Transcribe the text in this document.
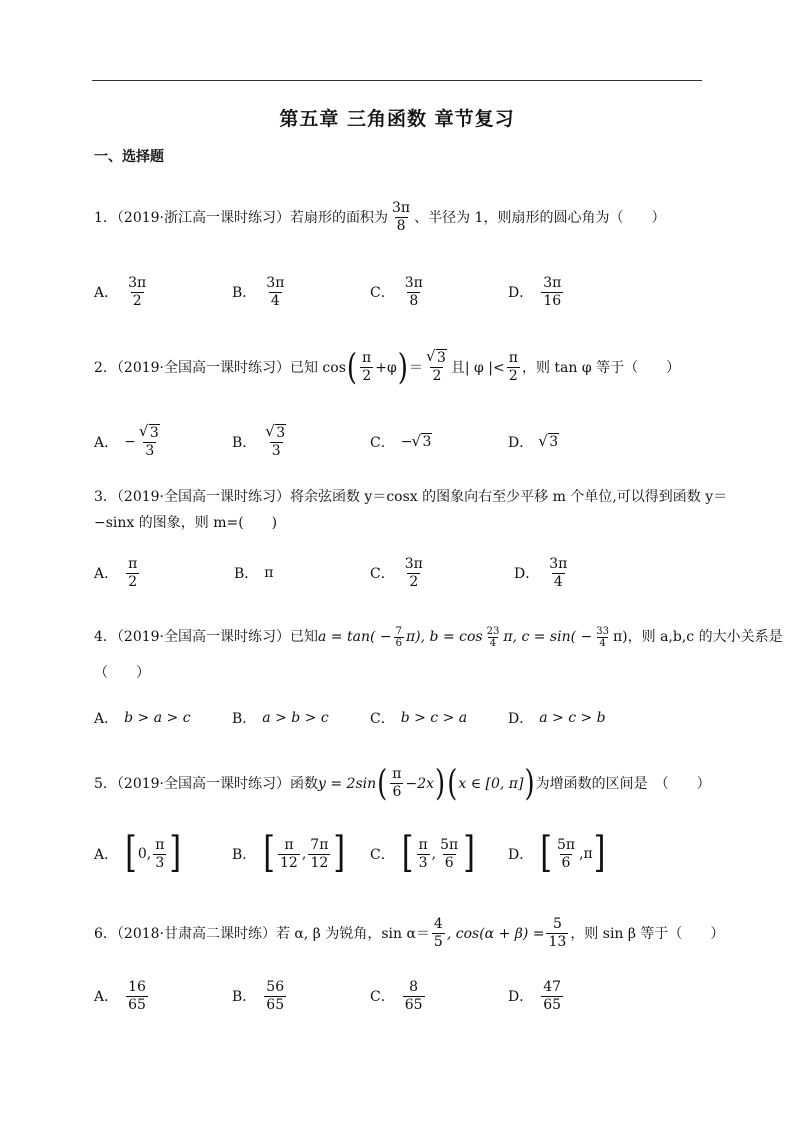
第五章 三角函数 章节复习
一、选择题
1．（2019·浙江高一课时练习）若扇形的面积为 $\frac{3\pi}{8}$ 、半径为 1，则扇形的圆心角为（　　）
A． $\frac{3\pi}{2}$	B． $\frac{3\pi}{4}$	C． $\frac{3\pi}{8}$	D． $\frac{3\pi}{16}$
2．（2019·全国高一课时练习）已知 cos ( $\frac{\pi}{2} +\varphi$ ) ＝ √ $\frac{3}{2}$ 且| φ |< $\frac{\pi}{2}$ ，则 tan φ 等于（　　）
A． − √ $\frac{3}{3}$	B． √ $\frac{3}{3}$	C． − √ 3	D．	√ 3
3．（2019·全国高一课时练习）将余弦函数 y＝cosx 的图象向右至少平移 m 个单位,可以得到函数 y＝
−sinx 的图象，则 m=(　　)
A． $\frac{\pi}{2}$	B． π	C． $\frac{3\pi}{2}$	D． $\frac{3\pi}{4}$
4．（2019·全国高一课时练习）已知 $a = \tan( - \frac{7}{6} \pi)$, $b = \cos \frac{23}{4} \pi$, $c = \sin( - \frac{33}{4} \pi)$，则 a,b,c 的大小关系是
（　　）
A． b > a > c	B． a > b > c	C． b > c > a	D． a > c > b
5．（2019·全国高一课时练习）函数 y = 2sin ( $\frac{\pi}{6} -2x$ ) ( x ∈ [0, π] ) 为增函数的区间是　（　　）
A． [ 0, $\frac{\pi}{3}$ ]	B． [ $\frac{\pi}{12}$ , $\frac{7\pi}{12}$ ] C． [ $\frac{\pi}{3}$ , $\frac{5\pi}{6}$ ] D． [ $\frac{5\pi}{6} ,\pi$ ]
6．（2018·甘肃高二课时练）若 α, β 为锐角，$\sin \alpha= \frac{4}{5}$ , $\cos(\alpha + \beta) = \frac{5}{13}$ ，则 sin β 等于（　　）
A． $\frac{16}{65}$	B． $\frac{56}{65}$	C． $\frac{8}{65}$	D． $\frac{47}{65}$
